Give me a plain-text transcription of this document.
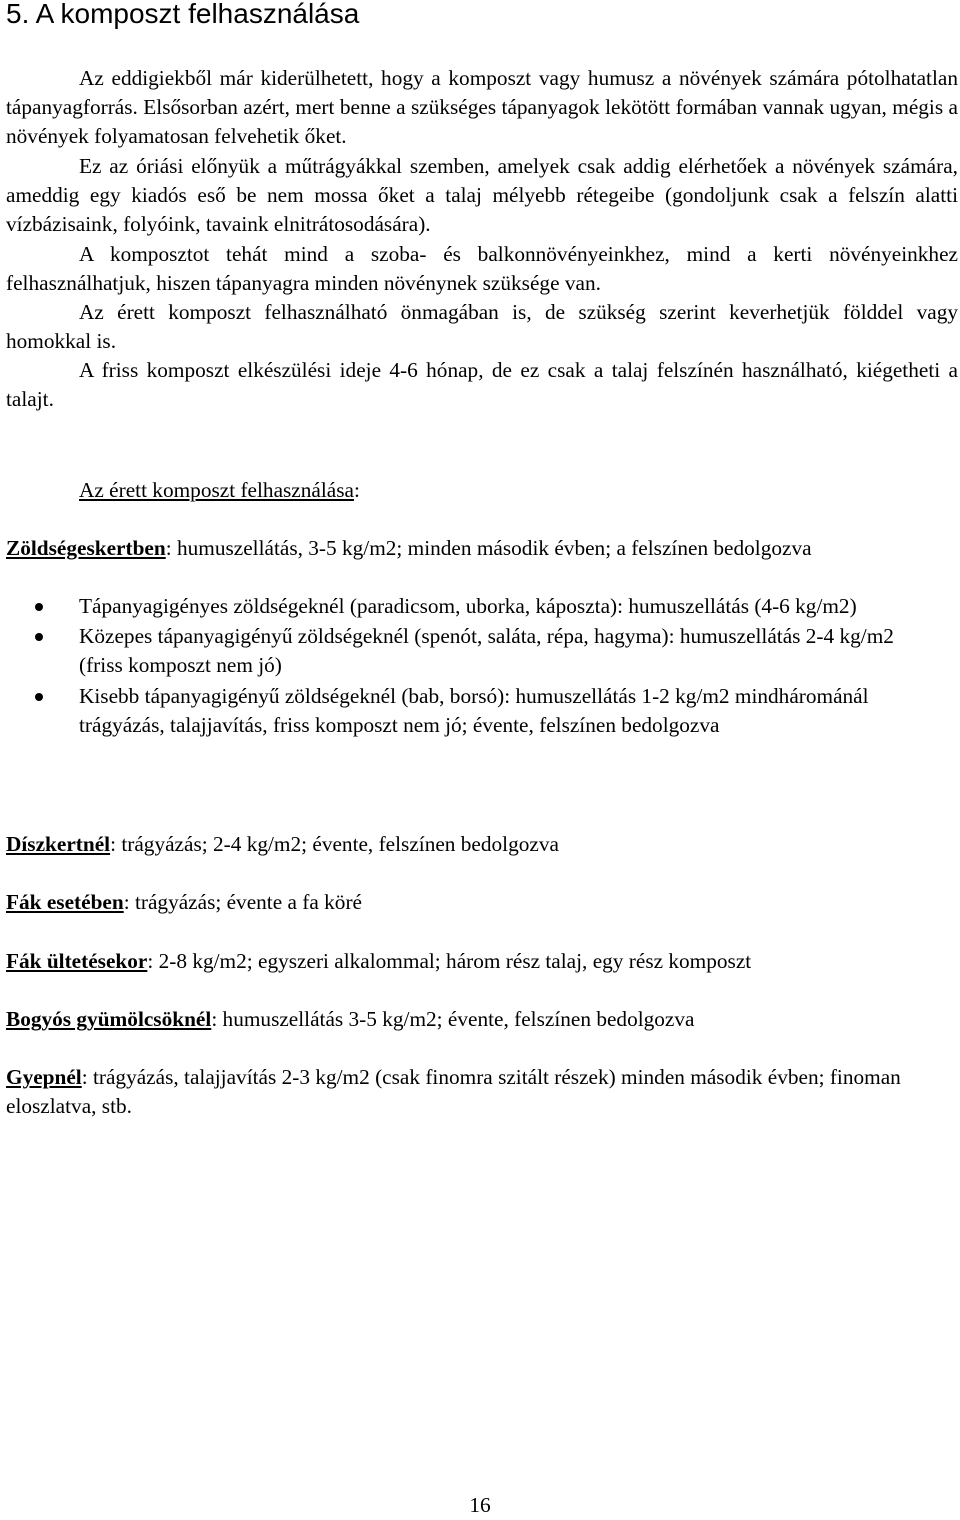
5. A komposzt felhasználása

Az eddigiekből már kiderülhetett, hogy a komposzt vagy humusz a növények számára pótolhatatlan tápanyagforrás. Elsősorban azért, mert benne a szükséges tápanyagok lekötött formában vannak ugyan, mégis a növények folyamatosan felvehetik őket.

Ez az óriási előnyük a műtrágyákkal szemben, amelyek csak addig elérhetőek a növények számára, ameddig egy kiadós eső be nem mossa őket a talaj mélyebb rétegeibe (gondoljunk csak a felszín alatti vízbázisaink, folyóink, tavaink elnitrátosodására).

A komposztot tehát mind a szoba- és balkonnövényeinkhez, mind a kerti növényeinkhez felhasználhatjuk, hiszen tápanyagra minden növénynek szüksége van.

Az érett komposzt felhasználható önmagában is, de szükség szerint keverhetjük földdel vagy homokkal is.

A friss komposzt elkészülési ideje 4-6 hónap, de ez csak a talaj felszínén használható, kiégetheti a talajt.

Az érett komposzt felhasználása:

Zöldségeskertben: humuszellátás, 3-5 kg/m2; minden második évben; a felszínen bedolgozva

Tápanyagigényes zöldségeknél (paradicsom, uborka, káposzta): humuszellátás (4-6 kg/m2)
Közepes tápanyagigényű zöldségeknél (spenót, saláta, répa, hagyma): humuszellátás 2-4 kg/m2 (friss komposzt nem jó)
Kisebb tápanyagigényű zöldségeknél (bab, borsó): humuszellátás 1-2 kg/m2 mindhárománál trágyázás, talajjavítás, friss komposzt nem jó; évente, felszínen bedolgozva

Díszkertnél: trágyázás; 2-4 kg/m2; évente, felszínen bedolgozva

Fák esetében: trágyázás; évente a fa köré

Fák ültetésekor: 2-8 kg/m2; egyszeri alkalommal; három rész talaj, egy rész komposzt

Bogyós gyümölcsöknél: humuszellátás 3-5 kg/m2; évente, felszínen bedolgozva

Gyepnél: trágyázás, talajjavítás 2-3 kg/m2 (csak finomra szitált részek) minden második évben; finoman eloszlatva, stb.

16
